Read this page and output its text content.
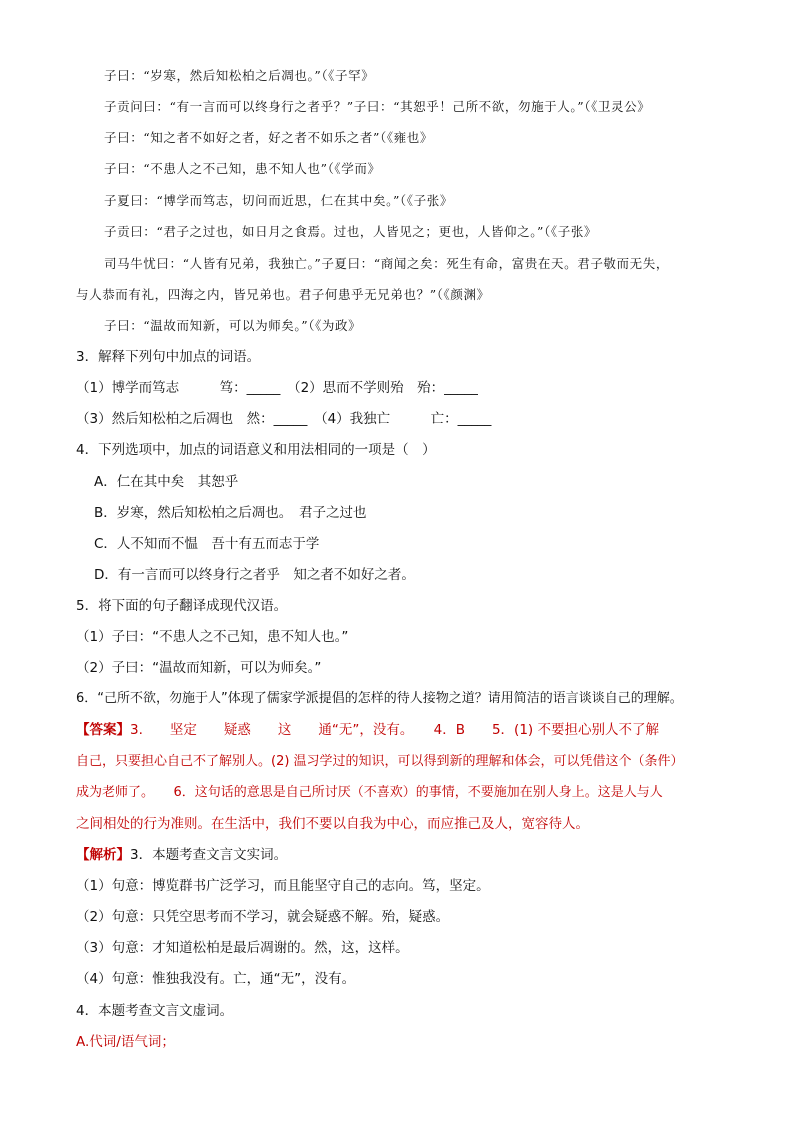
子曰：“岁寒，然后知松柏之后凋也。”（《子罕》
子贡问曰：“有一言而可以终身行之者乎？”子曰：“其恕乎！己所不欲，勿施于人。”（《卫灵公》
子曰：“知之者不如好之者，好之者不如乐之者”（《雍也》
子曰：“不患人之不己知，患不知人也”（《学而》
子夏曰：“博学而笃志，切问而近思，仁在其中矣。”（《子张》
子贡曰：“君子之过也，如日月之食焉。过也，人皆见之；更也，人皆仰之。”（《子张》
司马牛忧曰：“人皆有兄弟，我独亡。”子夏曰：“商闻之矣：死生有命，富贵在天。君子敬而无失，
与人恭而有礼，四海之内，皆兄弟也。君子何患乎无兄弟也？”（《颜渊》
子曰：“温故而知新，可以为师矣。”（《为政》
3．解释下列句中加点的词语。
（1）博学而笃志　　　笃：_____　（2）思而不学则殆　殆：_____
（3）然后知松柏之后凋也　然：_____　（4）我独亡　　　亡：_____
4．下列选项中，加点的词语意义和用法相同的一项是（　）
A．仁在其中矣　其恕乎
B．岁寒，然后知松柏之后凋也。　君子之过也
C．人不知而不愠　吾十有五而志于学
D．有一言而可以终身行之者乎　知之者不如好之者。
5．将下面的句子翻译成现代汉语。
（1）子曰：“不患人之不己知，患不知人也。”
（2）子曰：“温故而知新，可以为师矣。”
6．“己所不欲，勿施于人”体现了儒家学派提倡的怎样的待人接物之道？请用简洁的语言谈谈自己的理解。
【答案】3.　　坚定　　疑惑　　这　　通“无”，没有。　　4．B　　5．(1) 不要担心别人不了解
自己，只要担心自己不了解别人。(2) 温习学过的知识，可以得到新的理解和体会，可以凭借这个（条件）
成为老师了。　　6．这句话的意思是自己所讨厌（不喜欢）的事情，不要施加在别人身上。这是人与人
之间相处的行为准则。在生活中，我们不要以自我为中心，而应推己及人，宽容待人。
【解析】3．本题考查文言文实词。
（1）句意：博览群书广泛学习，而且能坚守自己的志向。笃，坚定。
（2）句意：只凭空思考而不学习，就会疑惑不解。殆，疑惑。
（3）句意：才知道松柏是最后凋谢的。然，这，这样。
（4）句意：惟独我没有。亡，通“无”，没有。
4．本题考查文言文虚词。
A.代词/语气词；
